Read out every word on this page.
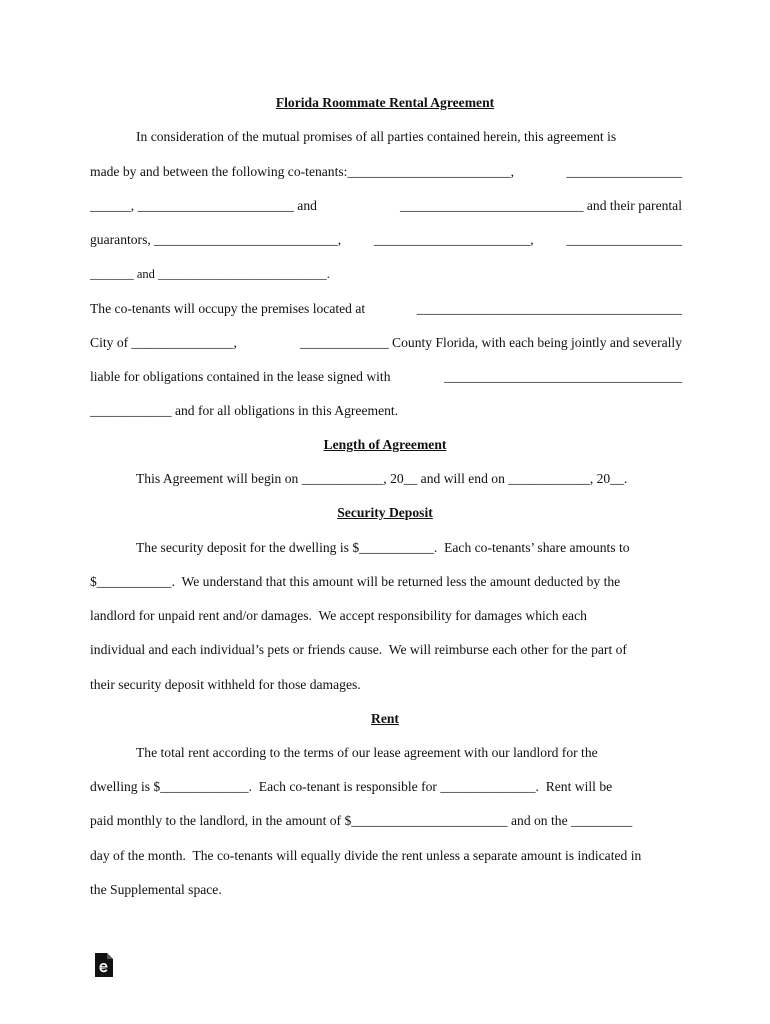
Florida Roommate Rental Agreement
In consideration of the mutual promises of all parties contained herein, this agreement is
made by and between the following co-tenants:________________________,	_________________
______, _______________________ and	___________________________ and their parental
guarantors, ___________________________, _______________________, _________________
_______ and ___________________________.
The co-tenants will occupy the premises located at	_______________________________________
City of _______________,	_____________ County Florida, with each being jointly and severally
liable for obligations contained in the lease signed with	___________________________________
____________ and for all obligations in this Agreement.
Length of Agreement
This Agreement will begin on ____________, 20__ and will end on ____________, 20__.
Security Deposit
The security deposit for the dwelling is $___________.  Each co-tenants’ share amounts to
$___________.  We understand that this amount will be returned less the amount deducted by the
landlord for unpaid rent and/or damages.  We accept responsibility for damages which each
individual and each individual’s pets or friends cause.  We will reimburse each other for the part of
their security deposit withheld for those damages.
Rent
The total rent according to the terms of our lease agreement with our landlord for the
dwelling is $_____________.  Each co-tenant is responsible for ______________.  Rent will be
paid monthly to the landlord, in the amount of $_______________________ and on the _________
day of the month.  The co-tenants will equally divide the rent unless a separate amount is indicated in
the Supplemental space.
